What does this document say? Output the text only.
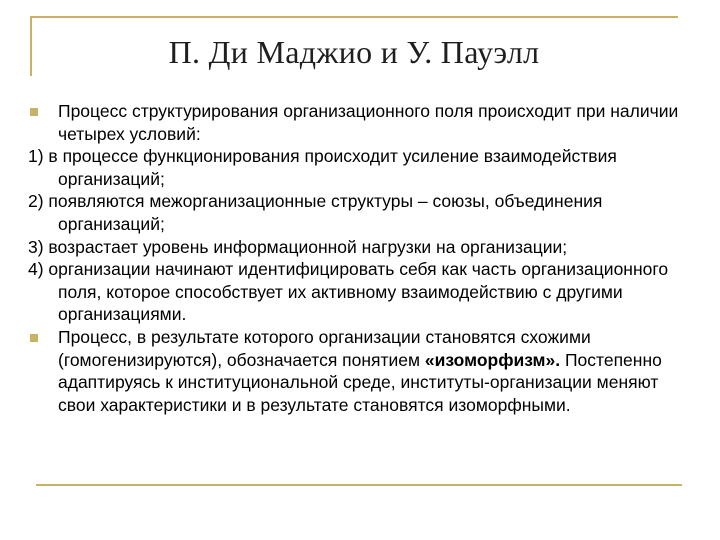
П. Ди Маджио и У. Пауэлл
Процесс структурирования организационного поля происходит при наличии четырех условий:
1) в процессе функционирования происходит усиление взаимодействия организаций;
2) появляются межорганизационные структуры – союзы, объединения организаций;
3) возрастает уровень информационной нагрузки на организации;
4) организации начинают идентифицировать себя как часть организационного поля, которое способствует их активному взаимодействию с другими организациями.
Процесс, в результате которого организации становятся схожими (гомогенизируются), обозначается понятием «изоморфизм». Постепенно адаптируясь к институциональной среде, институты-организации меняют свои характеристики и в результате становятся изоморфными.
